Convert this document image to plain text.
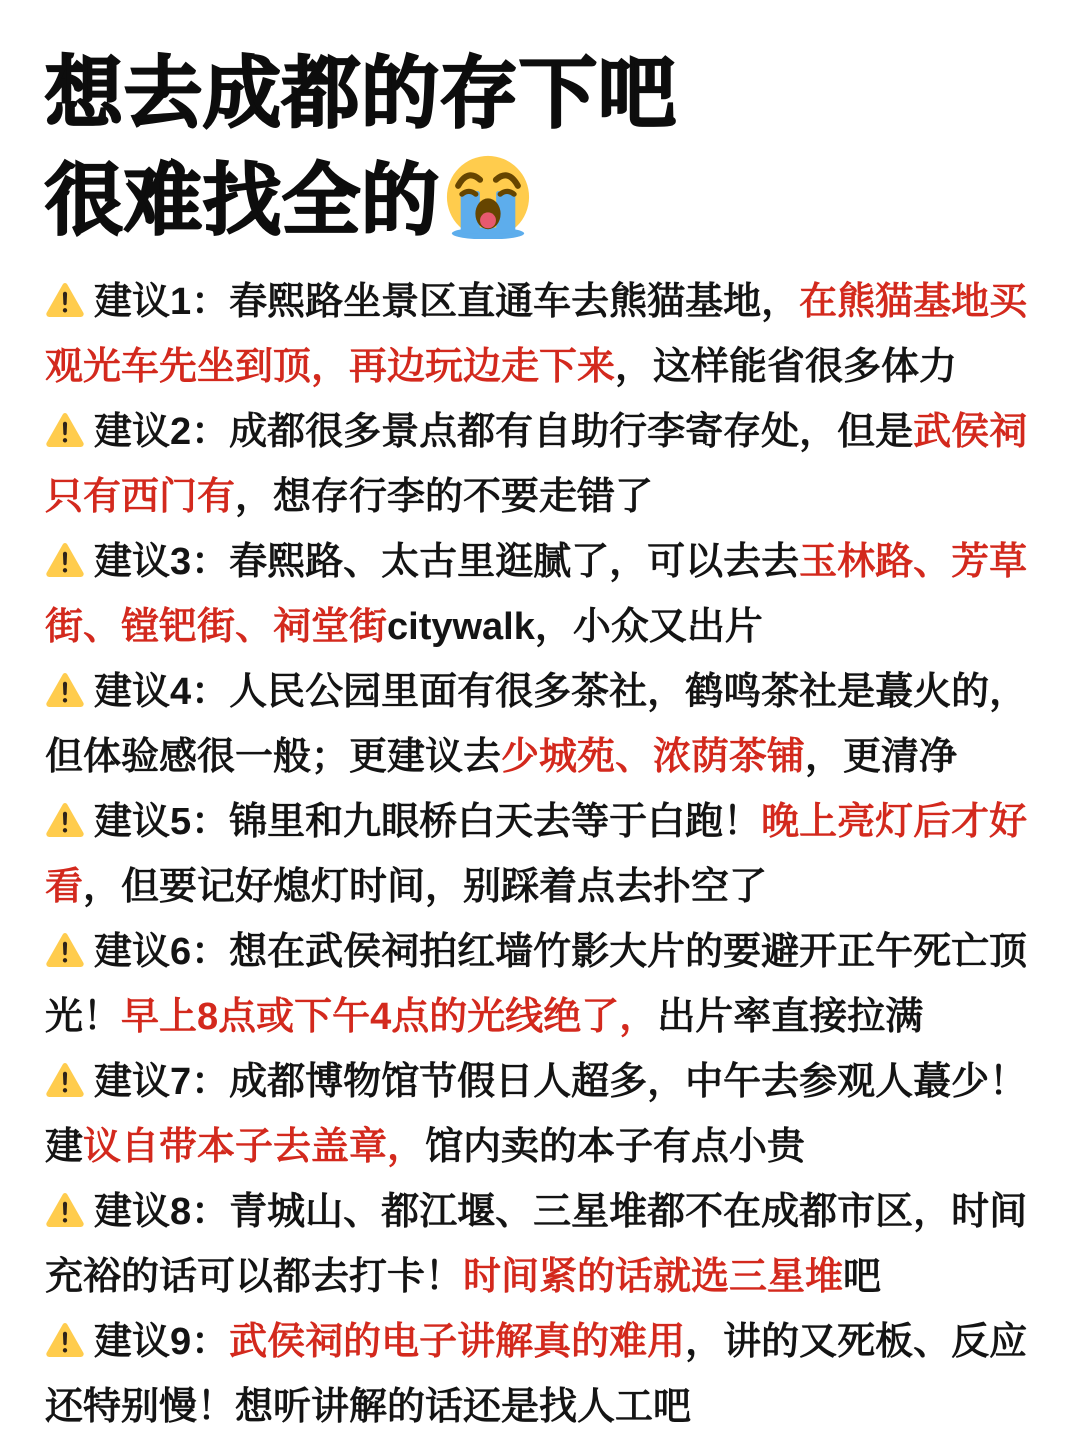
想去成都的存下吧
很难找全的

建议1：春熙路坐景区直通车去熊猫基地，在熊猫基地买观光车先坐到顶，再边玩边走下来，这样能省很多体力

建议2：成都很多景点都有自助行李寄存处，但是武侯祠只有西门有，想存行李的不要走错了

建议3：春熙路、太古里逛腻了，可以去去玉林路、芳草街、镗钯街、祠堂街citywalk，小众又出片

建议4：人民公园里面有很多茶社，鹤鸣茶社是蕞火的，但体验感很一般；更建议去少城苑、浓荫茶铺，更清净

建议5：锦里和九眼桥白天去等于白跑！晚上亮灯后才好看，但要记好熄灯时间，别踩着点去扑空了

建议6：想在武侯祠拍红墙竹影大片的要避开正午死亡顶光！早上8点或下午4点的光线绝了，出片率直接拉满

建议7：成都博物馆节假日人超多，中午去参观人蕞少！建议自带本子去盖章，馆内卖的本子有点小贵

建议8：青城山、都江堰、三星堆都不在成都市区，时间充裕的话可以都去打卡！时间紧的话就选三星堆吧

建议9：武侯祠的电子讲解真的难用，讲的又死板、反应还特别慢！想听讲解的话还是找人工吧
